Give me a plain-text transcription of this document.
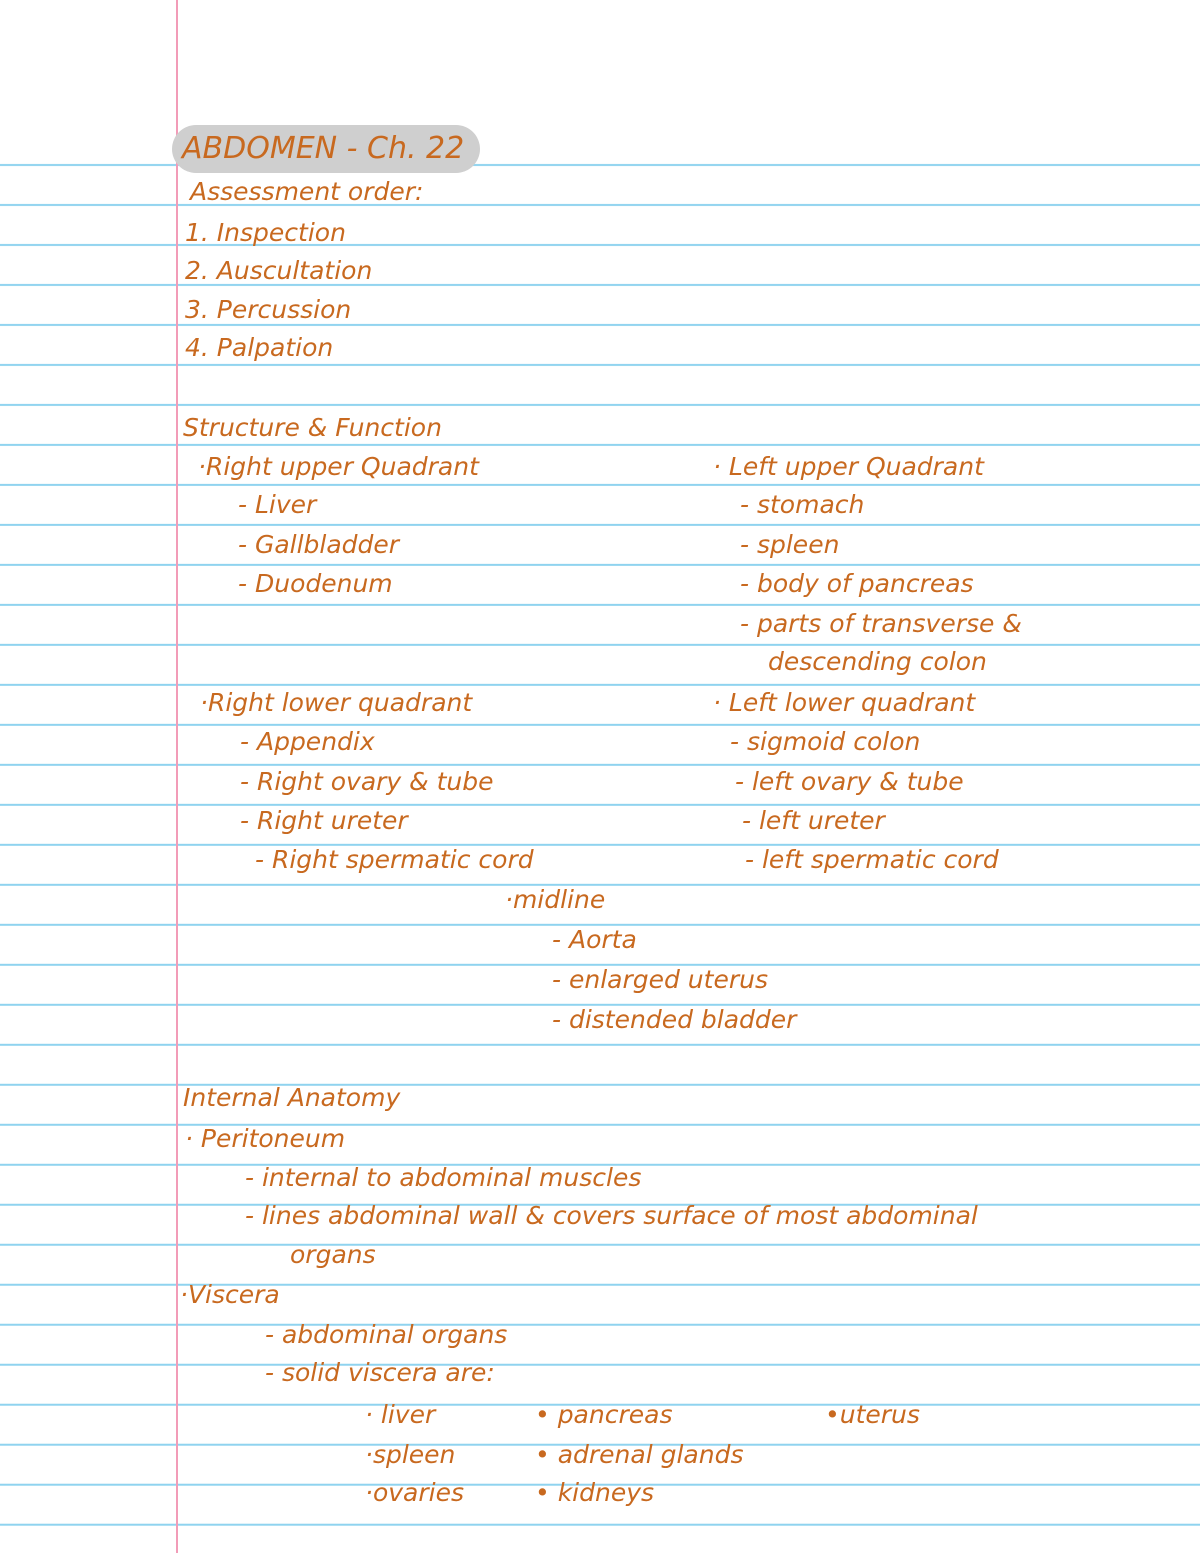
ABDOMEN - Ch. 22
Assessment order:
1. Inspection
2. Auscultation
3. Percussion
4. Palpation
Structure & Function
·Right upper Quadrant
- Liver
- Gallbladder
- Duodenum
· Left upper Quadrant
- stomach
- spleen
- body of pancreas
- parts of transverse &
descending colon
·Right lower quadrant
- Appendix
- Right ovary & tube
- Right ureter
- Right spermatic cord
· Left lower quadrant
- sigmoid colon
- left ovary & tube
- left ureter
- left spermatic cord
·midline
- Aorta
- enlarged uterus
- distended bladder
Internal Anatomy
· Peritoneum
- internal to abdominal muscles
- lines abdominal wall & covers surface of most abdominal
organs
·Viscera
- abdominal organs
- solid viscera are:
· liver
·spleen
·ovaries
• pancreas
• adrenal glands
• kidneys
•uterus
